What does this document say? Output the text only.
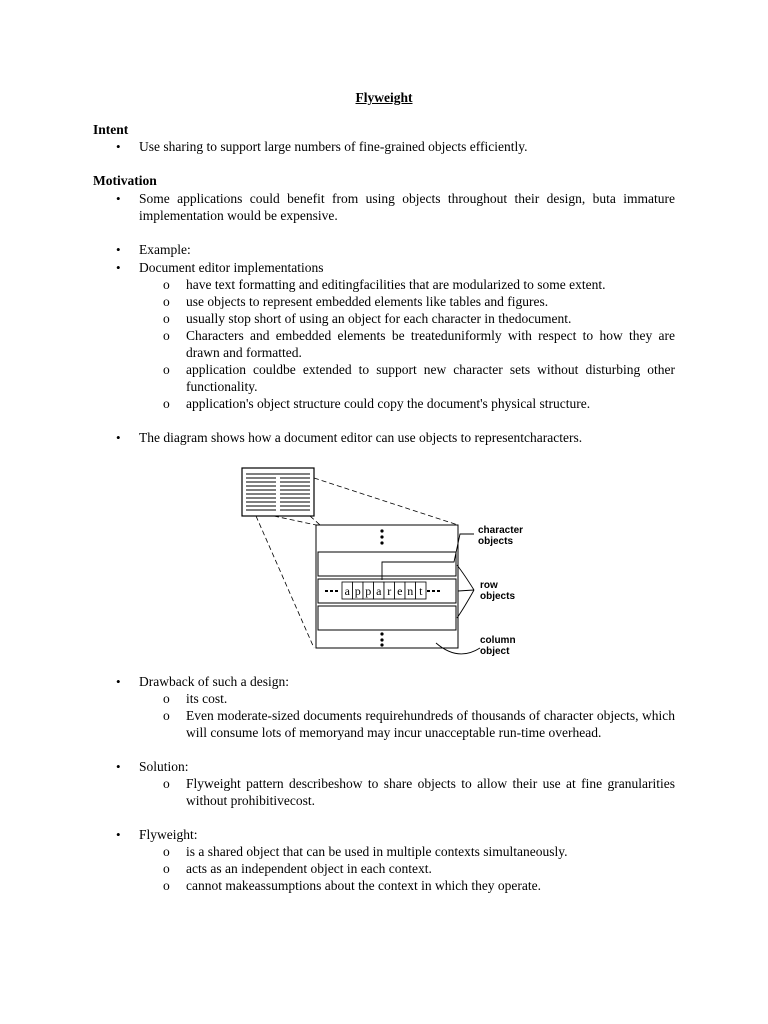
Flyweight
Intent
• Use sharing to support large numbers of fine-grained objects efficiently.
Motivation
• Some applications could benefit from using objects throughout their design, buta immature implementation would be expensive.
• Example:
• Document editor implementations
o have text formatting and editingfacilities that are modularized to some extent.
o use objects to represent embedded elements like tables and figures.
o usually stop short of using an object for each character in thedocument.
o Characters and embedded elements be treateduniformly with respect to how they are drawn and formatted.
o application couldbe extended to support new character sets without disturbing other functionality.
o application's object structure could copy the document's physical structure.
• The diagram shows how a document editor can use objects to representcharacters.
a p p a r e n t
character
objects
row
objects
column
object
• Drawback of such a design:
o its cost.
o Even moderate-sized documents requirehundreds of thousands of character objects, which will consume lots of memoryand may incur unacceptable run-time overhead.
• Solution:
o Flyweight pattern describeshow to share objects to allow their use at fine granularities without prohibitivecost.
• Flyweight:
o is a shared object that can be used in multiple contexts simultaneously.
o acts as an independent object in each context.
o cannot makeassumptions about the context in which they operate.
